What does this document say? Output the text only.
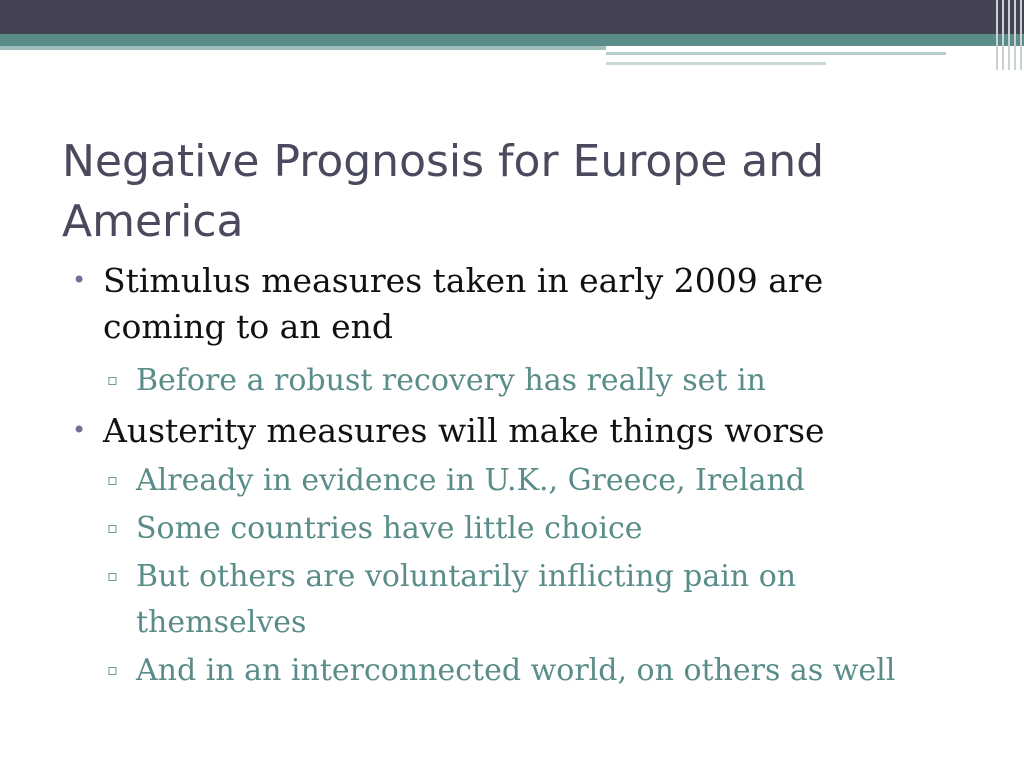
Negative Prognosis for Europe and America
• Stimulus measures taken in early 2009 are coming to an end
▫ Before a robust recovery has really set in
• Austerity measures will make things worse
▫ Already in evidence in U.K., Greece, Ireland
▫ Some countries have little choice
▫ But others are voluntarily inflicting pain on themselves
▫ And in an interconnected world, on others as well
